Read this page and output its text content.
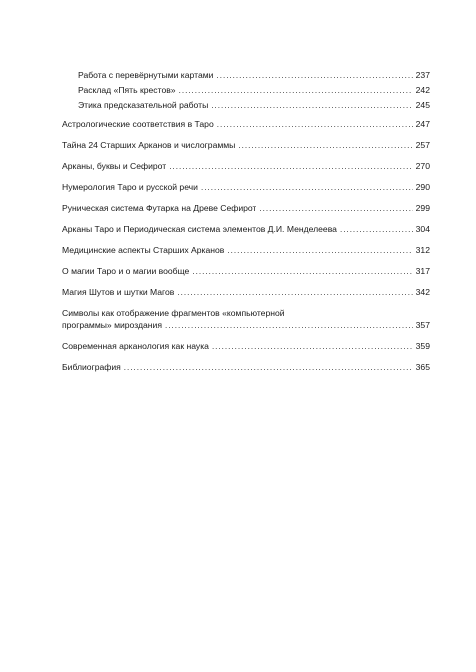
Работа с перевёрнутыми картами . . .	237
Расклад «Пять крестов» . . .	242
Этика предсказательной работы . . .	245
Астрологические соответствия в Таро . . .	247
Тайна 24 Старших Арканов и числограммы . . .	257
Арканы, буквы и Сефирот . . .	270
Нумерология Таро и русской речи . . .	290
Руническая система Футарка на Древе Сефирот . . .	299
Арканы Таро и Периодическая система элементов Д.И. Менделеева . . .	304
Медицинские аспекты Старших Арканов . . .	312
О магии Таро и о магии вообще . . .	317
Магия Шутов и шутки Магов . . .	342
Символы как отображение фрагментов «компьютерной
программы» мироздания . . .	357
Современная арканология как наука . . .	359
Библиография . . .	365
